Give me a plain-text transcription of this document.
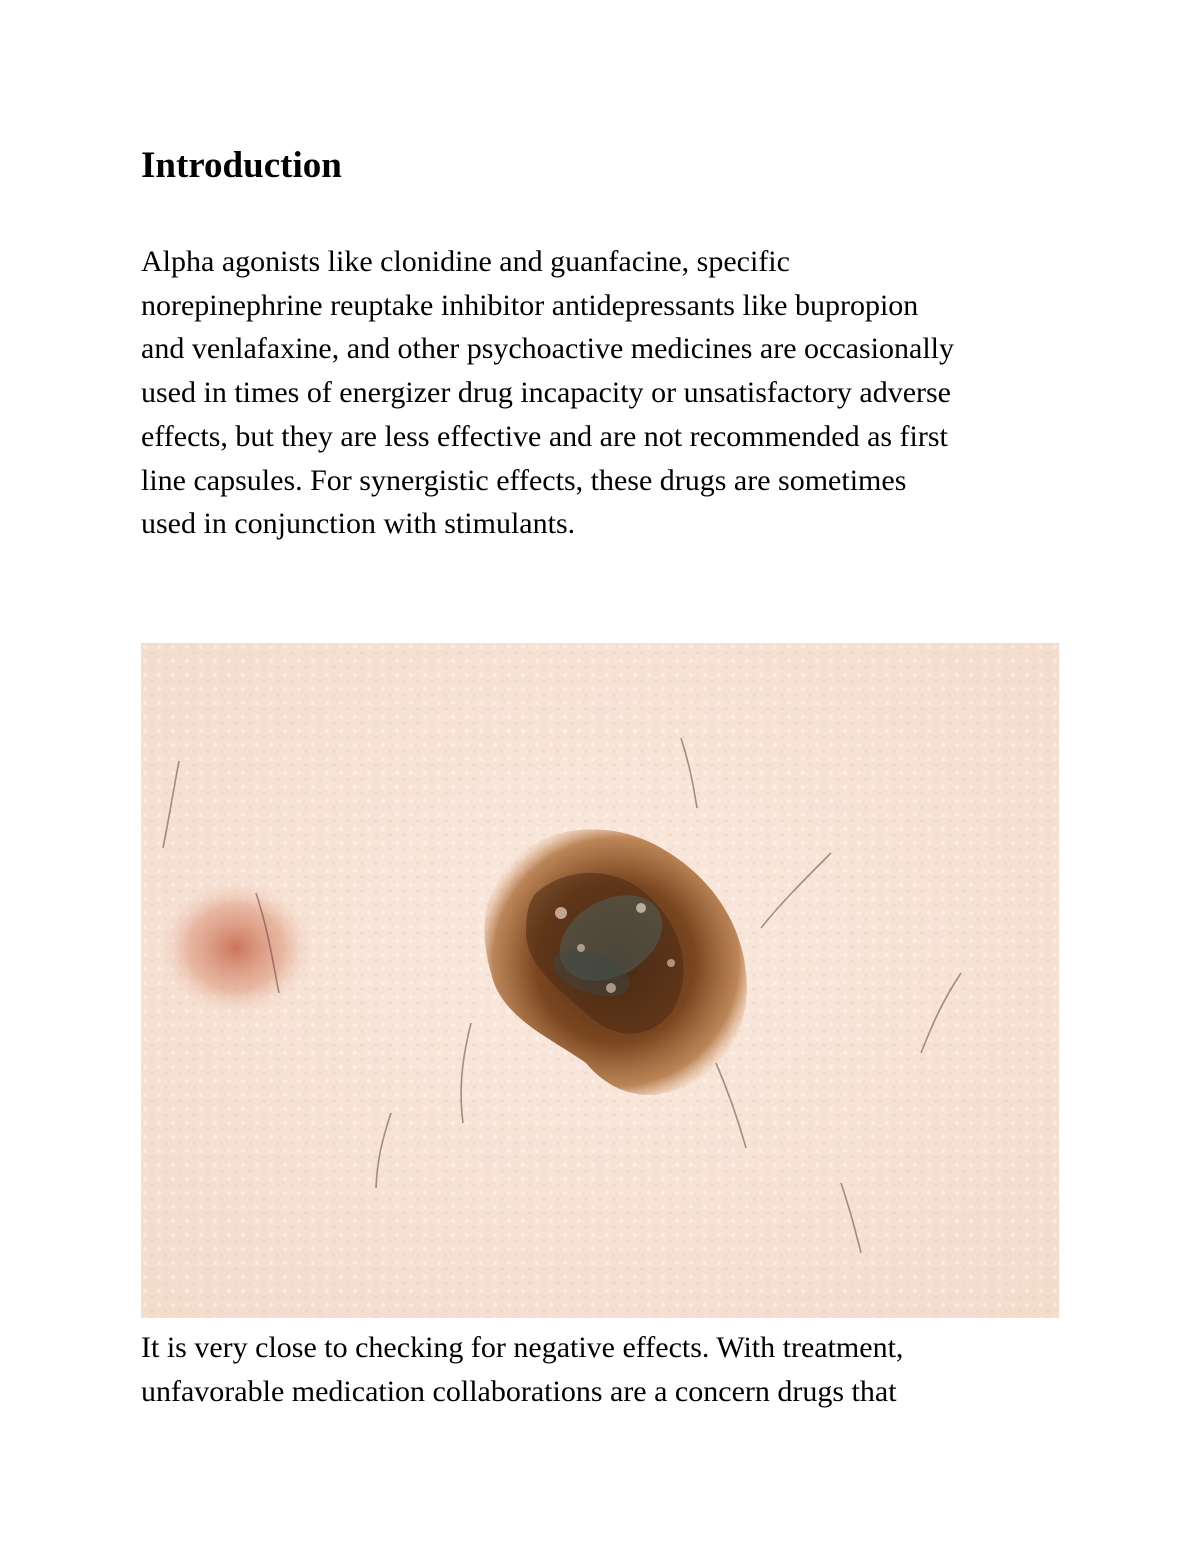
Introduction

Alpha agonists like clonidine and guanfacine, specific
norepinephrine reuptake inhibitor antidepressants like bupropion
and venlafaxine, and other psychoactive medicines are occasionally
used in times of energizer drug incapacity or unsatisfactory adverse
effects, but they are less effective and are not recommended as first
line capsules. For synergistic effects, these drugs are sometimes
used in conjunction with stimulants.

It is very close to checking for negative effects. With treatment,
unfavorable medication collaborations are a concern drugs that
